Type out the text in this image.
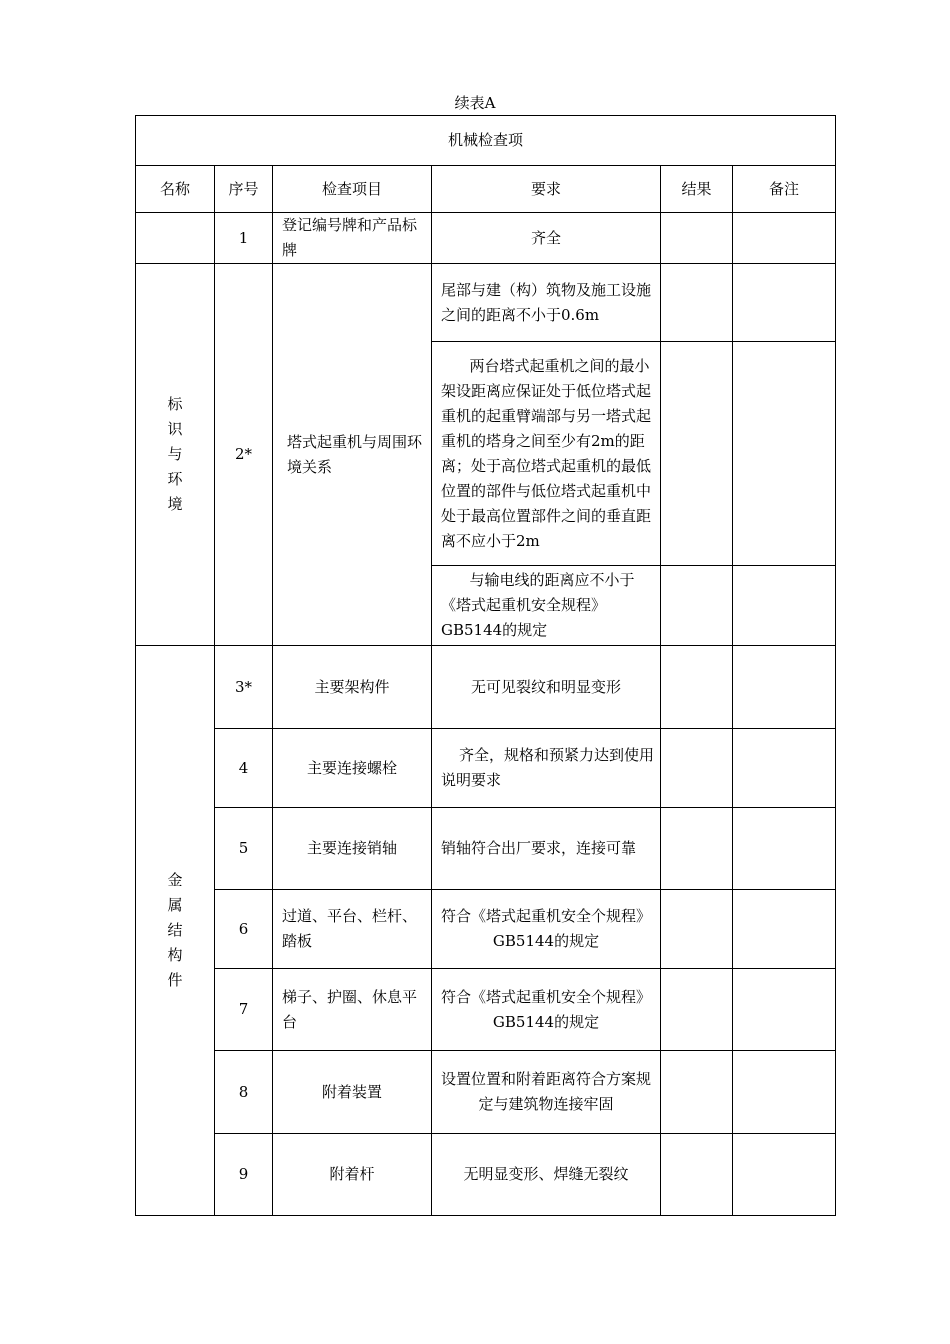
续表A
机械检查项					
名称	序号	检查项目	要求	结果	备注
	1	登记编号牌和产品标牌	齐全		

标
识
与
环
境	2*	塔式起重机与周围环境关系	尾部与建（构）筑物及施工设施之间的距离不小于0.6m		
			两台塔式起重机之间的最小架设距离应保证处于低位塔式起重机的起重臂端部与另一塔式起重机的塔身之间至少有2m的距离；处于高位塔式起重机的最低位置的部件与低位塔式起重机中处于最高位置部件之间的垂直距离不应小于2m		
			与输电线的距离应不小于《塔式起重机安全规程》GB5144的规定		

金
属
结
构
件	3*	主要架构件	无可见裂纹和明显变形		
	4	主要连接螺栓	齐全，规格和预紧力达到使用说明要求		
	5	主要连接销轴	销轴符合出厂要求，连接可靠		
	6	过道、平台、栏杆、踏板	符合《塔式起重机安全个规程》GB5144的规定		
	7	梯子、护圈、休息平台	符合《塔式起重机安全个规程》GB5144的规定		
	8	附着装置	设置位置和附着距离符合方案规定与建筑物连接牢固		
	9	附着杆	无明显变形、焊缝无裂纹		
